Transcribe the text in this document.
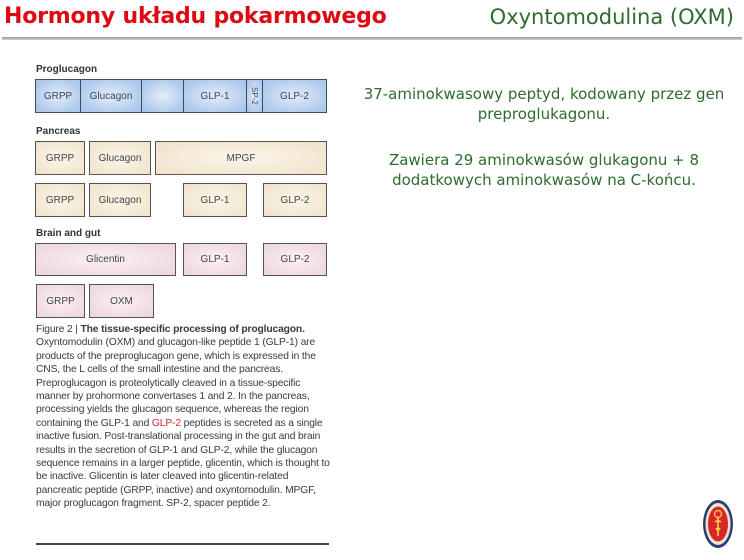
Hormony układu pokarmowego	Oxyntomodulina (OXM)
Proglucagon
GRPP	Glucagon	GLP-1	SP-2	GLP-2
Pancreas
GRPP	Glucagon	MPGF
GRPP	Glucagon	GLP-1	GLP-2
Brain and gut
Glicentin	GLP-1	GLP-2
GRPP	OXM
Figure 2 | The tissue-specific processing of proglucagon. Oxyntomodulin (OXM) and glucagon-like peptide 1 (GLP-1) are products of the preproglucagon gene, which is expressed in the CNS, the L cells of the small intestine and the pancreas. Preproglucagon is proteolytically cleaved in a tissue-specific manner by prohormone convertases 1 and 2. In the pancreas, processing yields the glucagon sequence, whereas the region containing the GLP-1 and GLP-2 peptides is secreted as a single inactive fusion. Post-translational processing in the gut and brain results in the secretion of GLP-1 and GLP-2, while the glucagon sequence remains in a larger peptide, glicentin, which is thought to be inactive. Glicentin is later cleaved into glicentin-related pancreatic peptide (GRPP, inactive) and oxyntomodulin. MPGF, major proglucagon fragment. SP-2, spacer peptide 2.
37-aminokwasowy peptyd, kodowany przez gen preproglukagonu.
Zawiera 29 aminokwasów glukagonu + 8 dodatkowych aminokwasów na C-końcu.
